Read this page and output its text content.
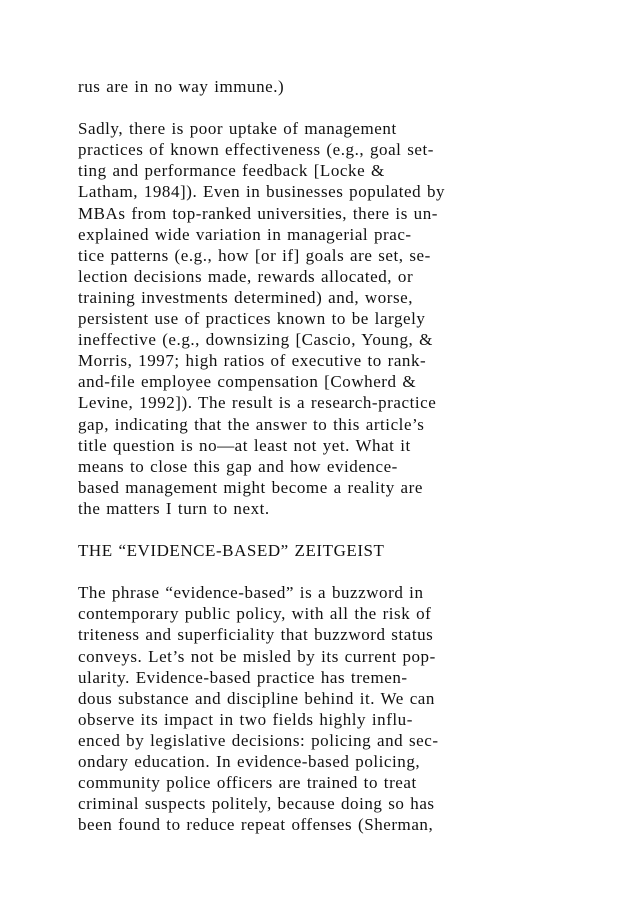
rus are in no way immune.)
Sadly, there is poor uptake of management
practices of known effectiveness (e.g., goal set-
ting and performance feedback [Locke &
Latham, 1984]). Even in businesses populated by
MBAs from top-ranked universities, there is un-
explained wide variation in managerial prac-
tice patterns (e.g., how [or if] goals are set, se-
lection decisions made, rewards allocated, or
training investments determined) and, worse,
persistent use of practices known to be largely
ineffective (e.g., downsizing [Cascio, Young, &
Morris, 1997; high ratios of executive to rank-
and-file employee compensation [Cowherd &
Levine, 1992]). The result is a research-practice
gap, indicating that the answer to this article’s
title question is no—at least not yet. What it
means to close this gap and how evidence-
based management might become a reality are
the matters I turn to next.
THE “EVIDENCE-BASED” ZEITGEIST
The phrase “evidence-based” is a buzzword in
contemporary public policy, with all the risk of
triteness and superficiality that buzzword status
conveys. Let’s not be misled by its current pop-
ularity. Evidence-based practice has tremen-
dous substance and discipline behind it. We can
observe its impact in two fields highly influ-
enced by legislative decisions: policing and sec-
ondary education. In evidence-based policing,
community police officers are trained to treat
criminal suspects politely, because doing so has
been found to reduce repeat offenses (Sherman,
